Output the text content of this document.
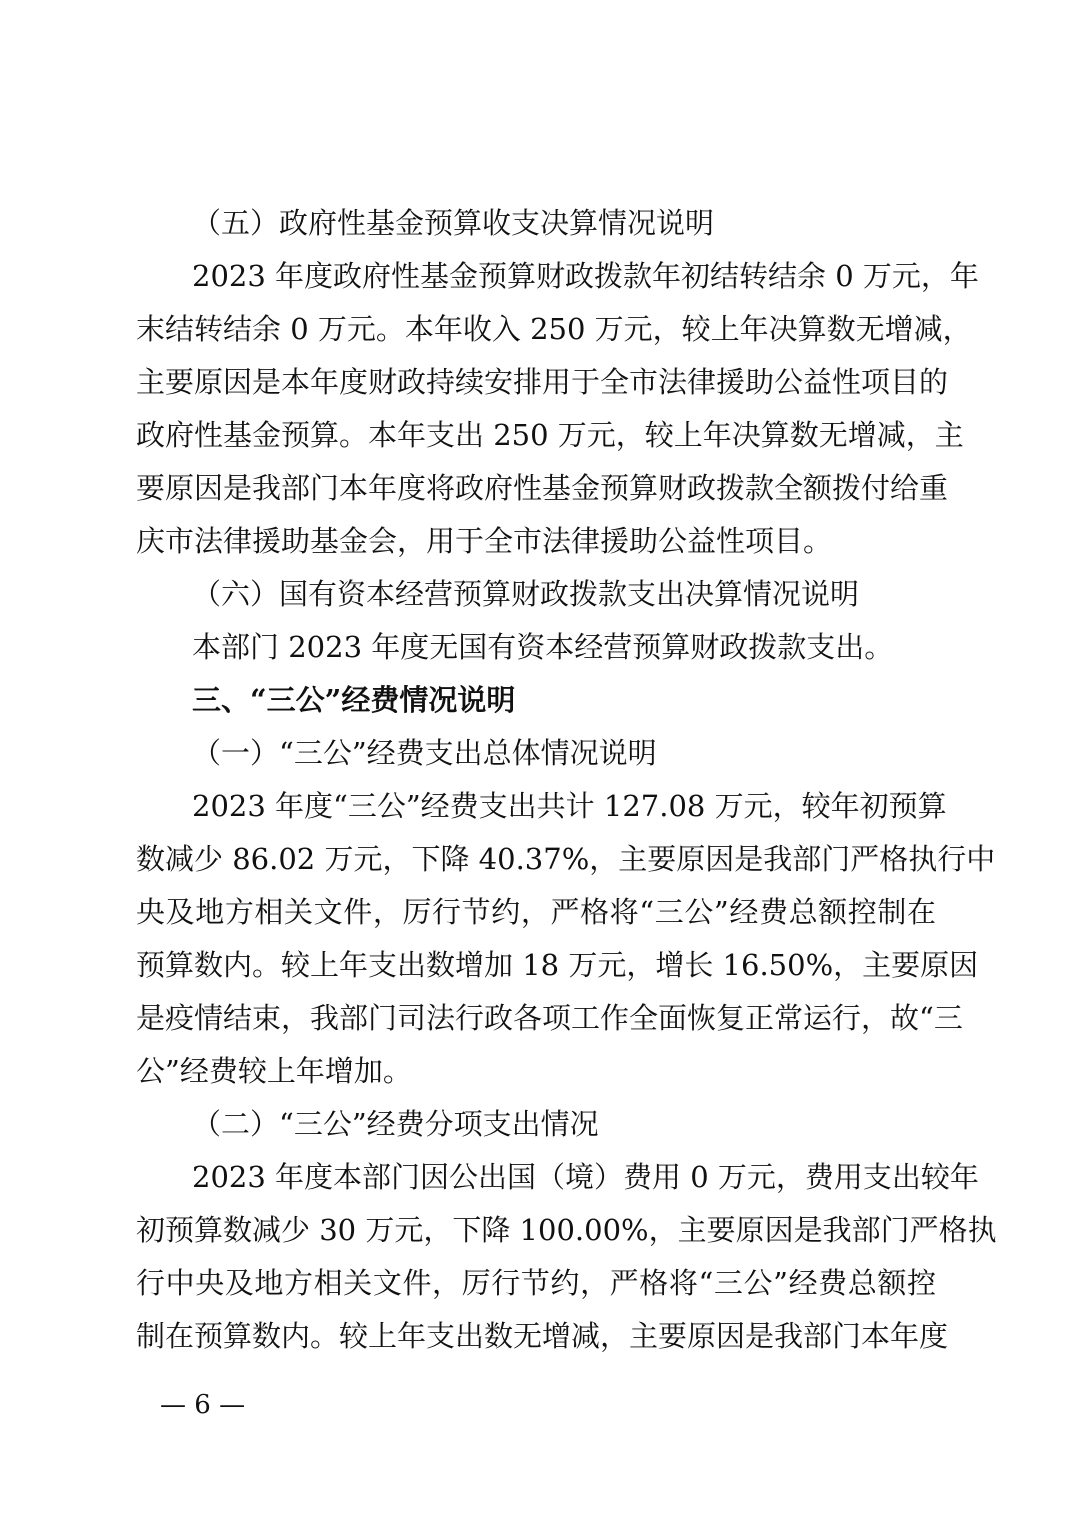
（五）政府性基金预算收支决算情况说明
2023 年度政府性基金预算财政拨款年初结转结余 0 万元，年
末结转结余 0 万元。本年收入 250 万元，较上年决算数无增减，
主要原因是本年度财政持续安排用于全市法律援助公益性项目的
政府性基金预算。本年支出 250 万元，较上年决算数无增减，主
要原因是我部门本年度将政府性基金预算财政拨款全额拨付给重
庆市法律援助基金会，用于全市法律援助公益性项目。
（六）国有资本经营预算财政拨款支出决算情况说明
本部门 2023 年度无国有资本经营预算财政拨款支出。
三、“三公”经费情况说明
（一）“三公”经费支出总体情况说明
2023 年度“三公”经费支出共计 127.08 万元，较年初预算
数减少 86.02 万元，下降 40.37%，主要原因是我部门严格执行中
央及地方相关文件，厉行节约，严格将“三公”经费总额控制在
预算数内。较上年支出数增加 18 万元，增长 16.50%，主要原因
是疫情结束，我部门司法行政各项工作全面恢复正常运行，故“三
公”经费较上年增加。
（二）“三公”经费分项支出情况
2023 年度本部门因公出国（境）费用 0 万元，费用支出较年
初预算数减少 30 万元，下降 100.00%，主要原因是我部门严格执
行中央及地方相关文件，厉行节约，严格将“三公”经费总额控
制在预算数内。较上年支出数无增减，主要原因是我部门本年度
— 6 —
